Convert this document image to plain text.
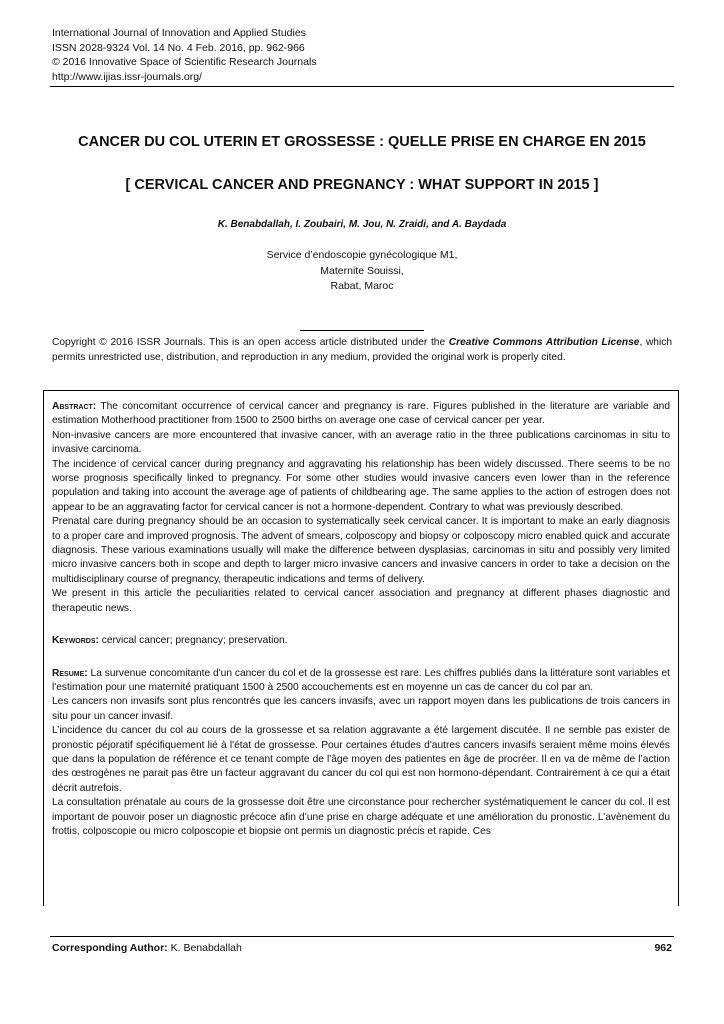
International Journal of Innovation and Applied Studies
ISSN 2028-9324 Vol. 14 No. 4 Feb. 2016, pp. 962-966
© 2016 Innovative Space of Scientific Research Journals
http://www.ijias.issr-journals.org/
CANCER DU COL UTERIN ET GROSSESSE : QUELLE PRISE EN CHARGE EN 2015
[ CERVICAL CANCER AND PREGNANCY : WHAT SUPPORT IN 2015 ]
K. Benabdallah, I. Zoubairi, M. Jou, N. Zraidi, and A. Baydada
Service d’endoscopie gynécologique M1,
Maternite Souissi,
Rabat, Maroc
Copyright © 2016 ISSR Journals. This is an open access article distributed under the Creative Commons Attribution License, which permits unrestricted use, distribution, and reproduction in any medium, provided the original work is properly cited.

Abstract: The concomitant occurrence of cervical cancer and pregnancy is rare. Figures published in the literature are variable and estimation Motherhood practitioner from 1500 to 2500 births on average one case of cervical cancer per year.

Non-invasive cancers are more encountered that invasive cancer, with an average ratio in the three publications carcinomas in situ to invasive carcinoma.

The incidence of cervical cancer during pregnancy and aggravating his relationship has been widely discussed. There seems to be no worse prognosis specifically linked to pregnancy. For some other studies would invasive cancers even lower than in the reference population and taking into account the average age of patients of childbearing age. The same applies to the action of estrogen does not appear to be an aggravating factor for cervical cancer is not a hormone-dependent. Contrary to what was previously described.

Prenatal care during pregnancy should be an occasion to systematically seek cervical cancer. It is important to make an early diagnosis to a proper care and improved prognosis. The advent of smears, colposcopy and biopsy or colposcopy micro enabled quick and accurate diagnosis. These various examinations usually will make the difference between dysplasias, carcinomas in situ and possibly very limited micro invasive cancers both in scope and depth to larger micro invasive cancers and invasive cancers in order to take a decision on the multidisciplinary course of pregnancy, therapeutic indications and terms of delivery.

We present in this article the peculiarities related to cervical cancer association and pregnancy at different phases diagnostic and therapeutic news.

Keywords: cervical cancer; pregnancy; preservation.

Resume: La survenue concomitante d'un cancer du col et de la grossesse est rare. Les chiffres publiés dans la littérature sont variables et l'estimation pour une maternité pratiquant 1500 à 2500 accouchements est en moyenne un cas de cancer du col par an.

Les cancers non invasifs sont plus rencontrés que les cancers invasifs, avec un rapport moyen dans les publications de trois cancers in situ pour un cancer invasif.

L’incidence du cancer du col au cours de la grossesse et sa relation aggravante a été largement discutée. Il ne semble pas exister de pronostic péjoratif spécifiquement lié à l'état de grossesse. Pour certaines études d'autres cancers invasifs seraient même moins élevés que dans la population de référence et ce tenant compte de l'âge moyen des patientes en âge de procréer. Il en va de même de l’action des œstrogènes ne parait pas être un facteur aggravant du cancer du col qui est non hormono-dépendant. Contrairement à ce qui a était décrit autrefois.

La consultation prénatale au cours de la grossesse doit être une circonstance pour rechercher systématiquement le cancer du col. Il est important de pouvoir poser un diagnostic précoce afin d’une prise en charge adéquate et une amélioration du pronostic. L’avènement du frottis, colposcopie ou micro colposcopie et biopsie ont permis un diagnostic précis et rapide. Ces

Corresponding Author: K. Benabdallah	962
